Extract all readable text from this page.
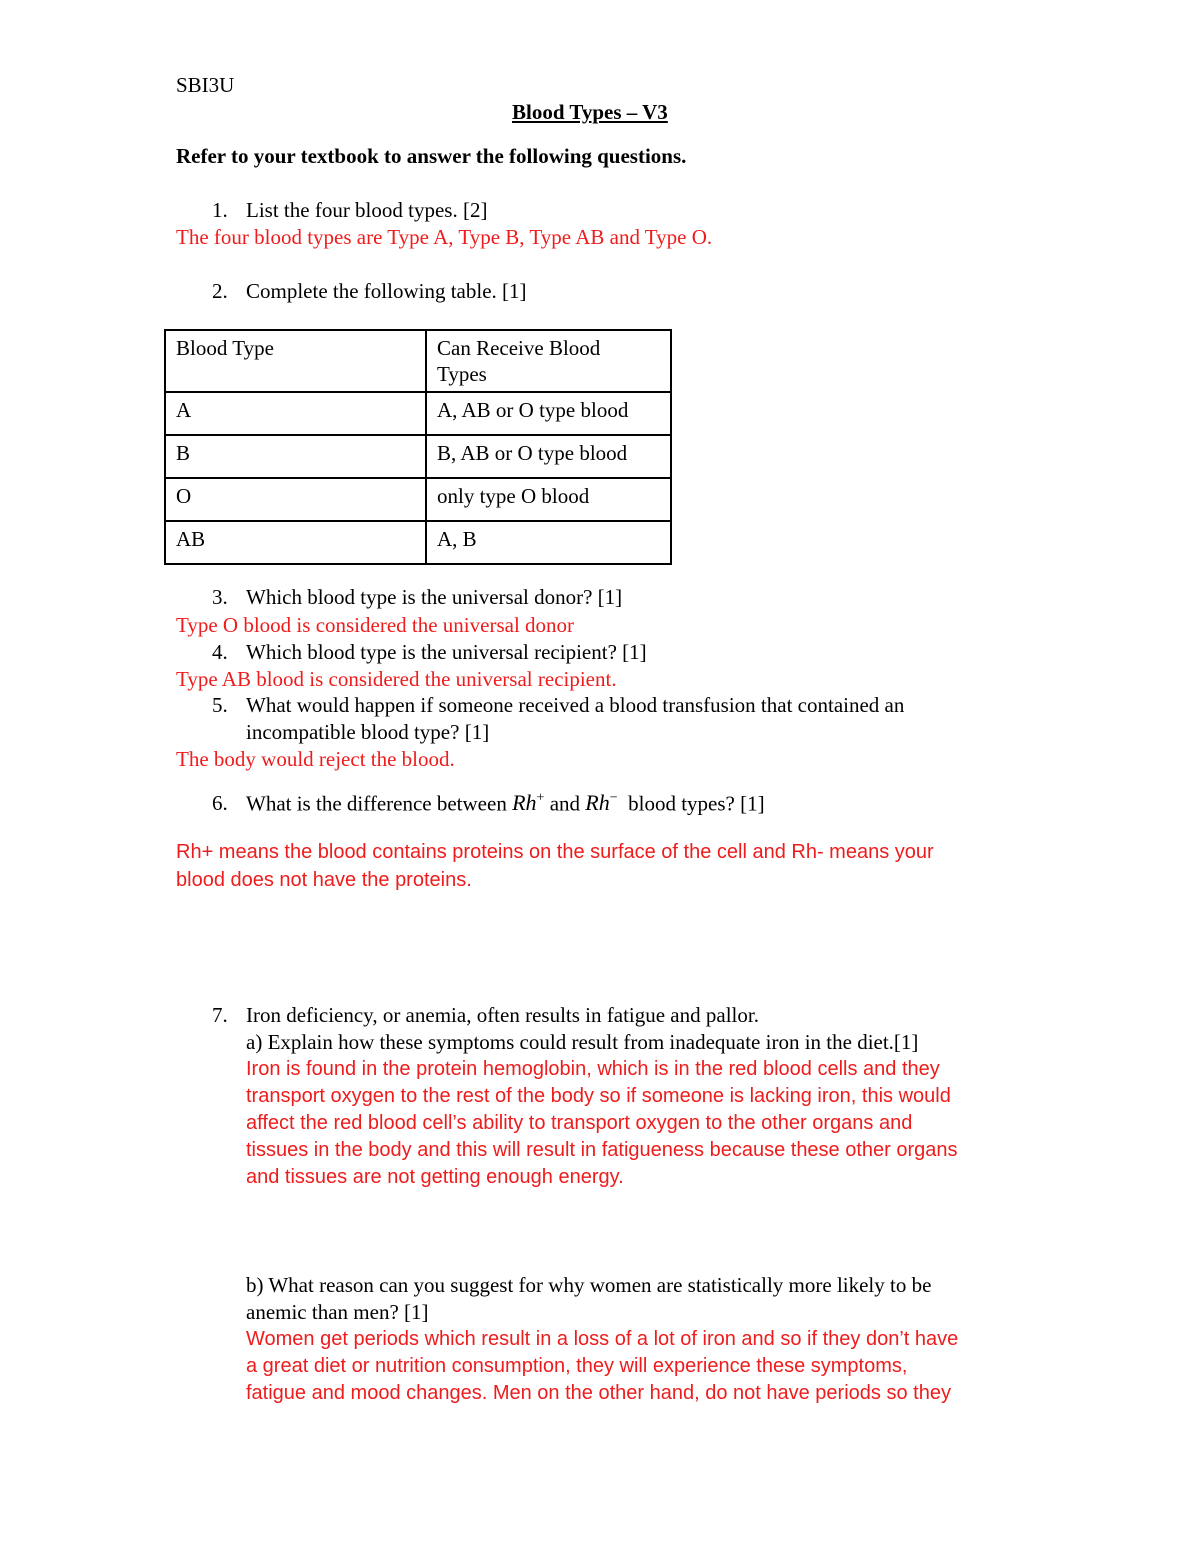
SBI3U
Blood Types – V3
Refer to your textbook to answer the following questions.
1. List the four blood types. [2]
The four blood types are Type A, Type B, Type AB and Type O.
2. Complete the following table. [1]
Blood Type	Can Receive Blood
Types
A	A, AB or O type blood
B	B, AB or O type blood
O	only type O blood
AB	A, B
3. Which blood type is the universal donor? [1]
Type O blood is considered the universal donor
4. Which blood type is the universal recipient? [1]
Type AB blood is considered the universal recipient.
5. What would happen if someone received a blood transfusion that contained an
incompatible blood type? [1]
The body would reject the blood.
6. What is the difference between Rh+ and Rh− blood types? [1]
Rh+ means the blood contains proteins on the surface of the cell and Rh- means your
blood does not have the proteins.
7. Iron deficiency, or anemia, often results in fatigue and pallor.
a) Explain how these symptoms could result from inadequate iron in the diet.[1]
Iron is found in the protein hemoglobin, which is in the red blood cells and they
transport oxygen to the rest of the body so if someone is lacking iron, this would
affect the red blood cell’s ability to transport oxygen to the other organs and
tissues in the body and this will result in fatigueness because these other organs
and tissues are not getting enough energy.
b) What reason can you suggest for why women are statistically more likely to be
anemic than men? [1]
Women get periods which result in a loss of a lot of iron and so if they don’t have
a great diet or nutrition consumption, they will experience these symptoms,
fatigue and mood changes. Men on the other hand, do not have periods so they
